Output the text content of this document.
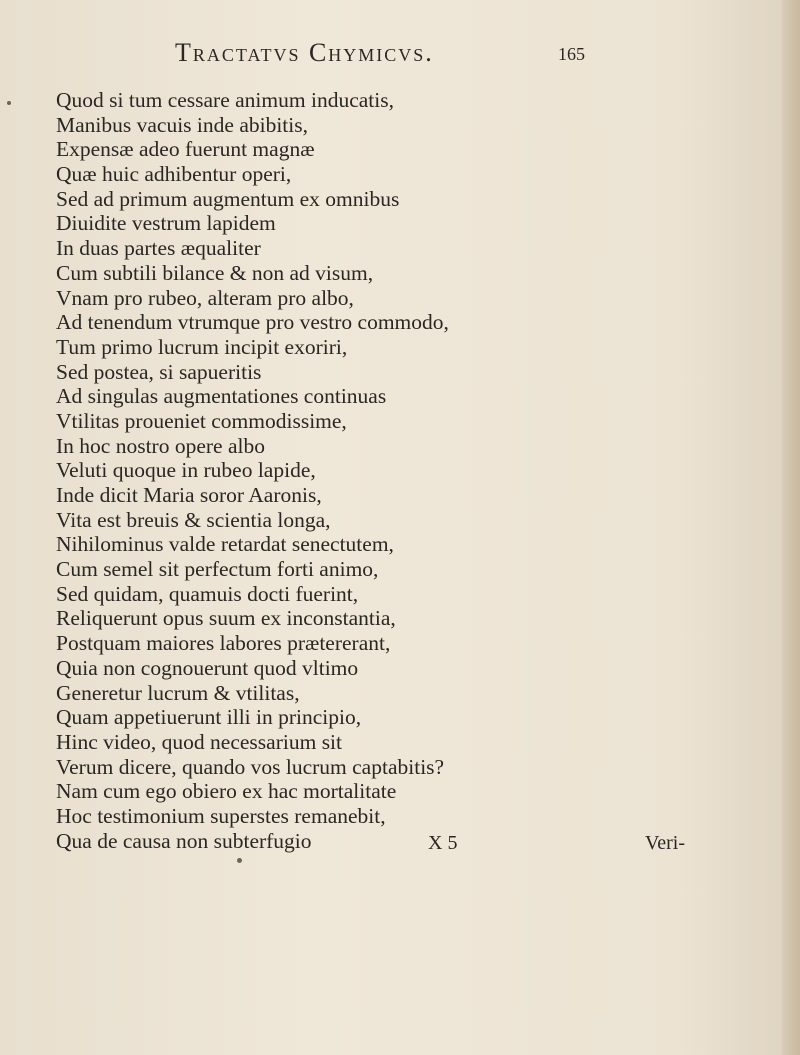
Tractatvs Chymicvs.	165
Quod si tum cessare animum inducatis,
Manibus vacuis inde abibitis,
Expensæ adeo fuerunt magnæ
Quæ huic adhibentur operi,
Sed ad primum augmentum ex omnibus
Diuidite vestrum lapidem
In duas partes æqualiter
Cum subtili bilance & non ad visum,
Vnam pro rubeo, alteram pro albo,
Ad tenendum vtrumque pro vestro commodo,
Tum primo lucrum incipit exoriri,
Sed postea, si sapueritis
Ad singulas augmentationes continuas
Vtilitas proueniet commodissime,
In hoc nostro opere albo
Veluti quoque in rubeo lapide,
Inde dicit Maria soror Aaronis,
Vita est breuis & scientia longa,
Nihilominus valde retardat senectutem,
Cum semel sit perfectum forti animo,
Sed quidam, quamuis docti fuerint,
Reliquerunt opus suum ex inconstantia,
Postquam maiores labores prætererant,
Quia non cognouerunt quod vltimo
Generetur lucrum & vtilitas,
Quam appetiuerunt illi in principio,
Hinc video, quod necessarium sit
Verum dicere, quando vos lucrum captabitis?
Nam cum ego obiero ex hac mortalitate
Hoc testimonium superstes remanebit,
Qua de causa non subterfugio	X 5	Veri-
